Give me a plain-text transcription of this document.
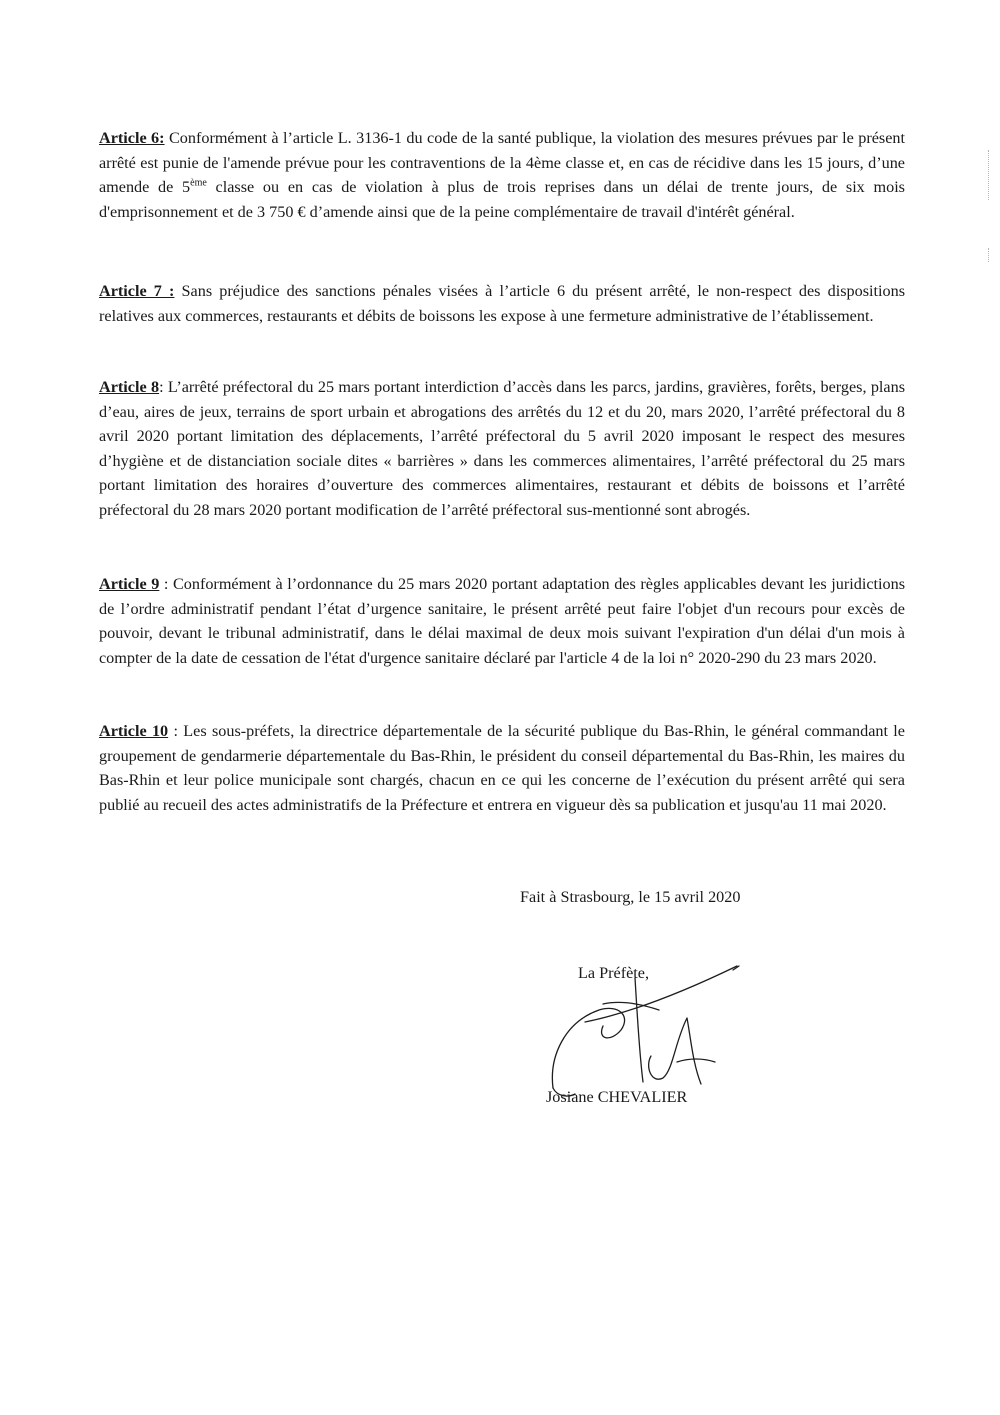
Article 6: Conformément à l’article L. 3136-1 du code de la santé publique, la violation des mesures prévues par le présent arrêté est punie de l'amende prévue pour les contraventions de la 4ème classe et, en cas de récidive dans les 15 jours, d’une amende de 5ème classe ou en cas de violation à plus de trois reprises dans un délai de trente jours, de six mois d'emprisonnement et de 3 750 € d’amende ainsi que de la peine complémentaire de travail d'intérêt général.

Article 7 : Sans préjudice des sanctions pénales visées à l’article 6 du présent arrêté, le non-respect des dispositions relatives aux commerces, restaurants et débits de boissons les expose à une fermeture administrative de l’établissement.

Article 8: L’arrêté préfectoral du 25 mars portant interdiction d’accès dans les parcs, jardins, gravières, forêts, berges, plans d’eau, aires de jeux, terrains de sport urbain et abrogations des arrêtés du 12 et du 20, mars 2020, l’arrêté préfectoral du 8 avril 2020 portant limitation des déplacements, l’arrêté préfectoral du 5 avril 2020 imposant le respect des mesures d’hygiène et de distanciation sociale dites « barrières » dans les commerces alimentaires, l’arrêté préfectoral du 25 mars portant limitation des horaires d’ouverture des commerces alimentaires, restaurant et débits de boissons et l’arrêté préfectoral du 28 mars 2020 portant modification de l’arrêté préfectoral sus-mentionné sont abrogés.

Article 9 : Conformément à l’ordonnance du 25 mars 2020 portant adaptation des règles applicables devant les juridictions de l’ordre administratif pendant l’état d’urgence sanitaire, le présent arrêté peut faire l'objet d'un recours pour excès de pouvoir, devant le tribunal administratif, dans le délai maximal de deux mois suivant l'expiration d'un délai d'un mois à compter de la date de cessation de l'état d'urgence sanitaire déclaré par l'article 4 de la loi n° 2020-290 du 23 mars 2020.

Article 10 : Les sous-préfets, la directrice départementale de la sécurité publique du Bas-Rhin, le général commandant le groupement de gendarmerie départementale du Bas-Rhin, le président du conseil départemental du Bas-Rhin, les maires du Bas-Rhin et leur police municipale sont chargés, chacun en ce qui les concerne de l’exécution du présent arrêté qui sera publié au recueil des actes administratifs de la Préfecture et entrera en vigueur dès sa publication et jusqu'au 11 mai 2020.

Fait à Strasbourg, le 15 avril 2020
La Préfète,
Josiane CHEVALIER
